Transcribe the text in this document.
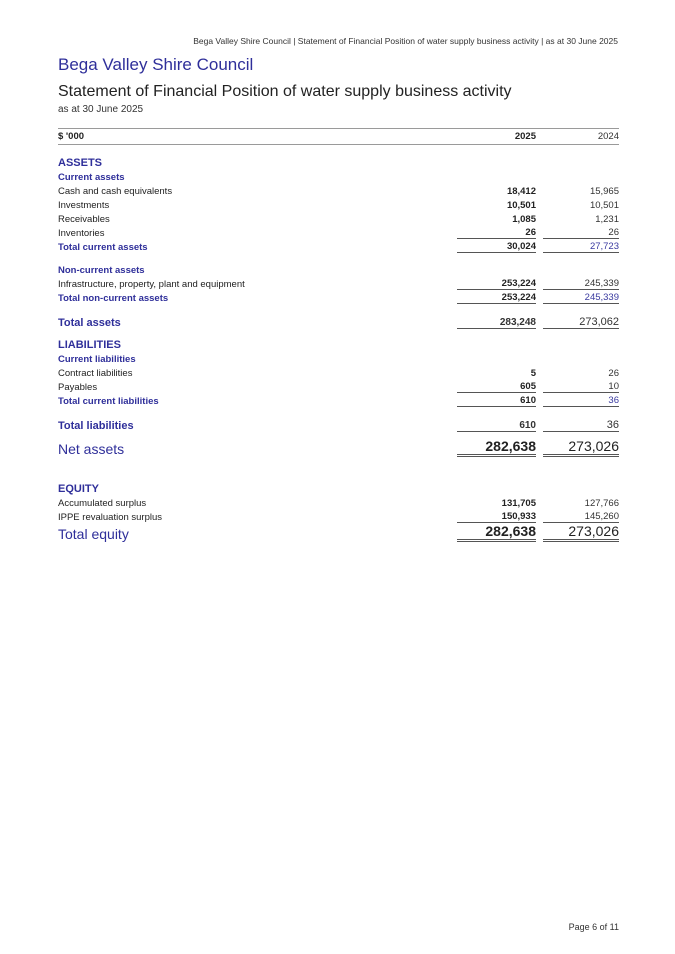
Bega Valley Shire Council | Statement of Financial Position of water supply business activity | as at 30 June 2025
Bega Valley Shire Council
Statement of Financial Position of water supply business activity
as at 30 June 2025
$ '000	2025	2024
ASSETS
Current assets
Cash and cash equivalents	18,412	15,965
Investments	10,501	10,501
Receivables	1,085	1,231
Inventories	26	26
Total current assets	30,024	27,723
Non-current assets
Infrastructure, property, plant and equipment	253,224	245,339
Total non-current assets	253,224	245,339
Total assets	283,248	273,062
LIABILITIES
Current liabilities
Contract liabilities	5	26
Payables	605	10
Total current liabilities	610	36
Total liabilities	610	36
Net assets	282,638	273,026
EQUITY
Accumulated surplus	131,705	127,766
IPPE revaluation surplus	150,933	145,260
Total equity	282,638	273,026
Page 6 of 11
